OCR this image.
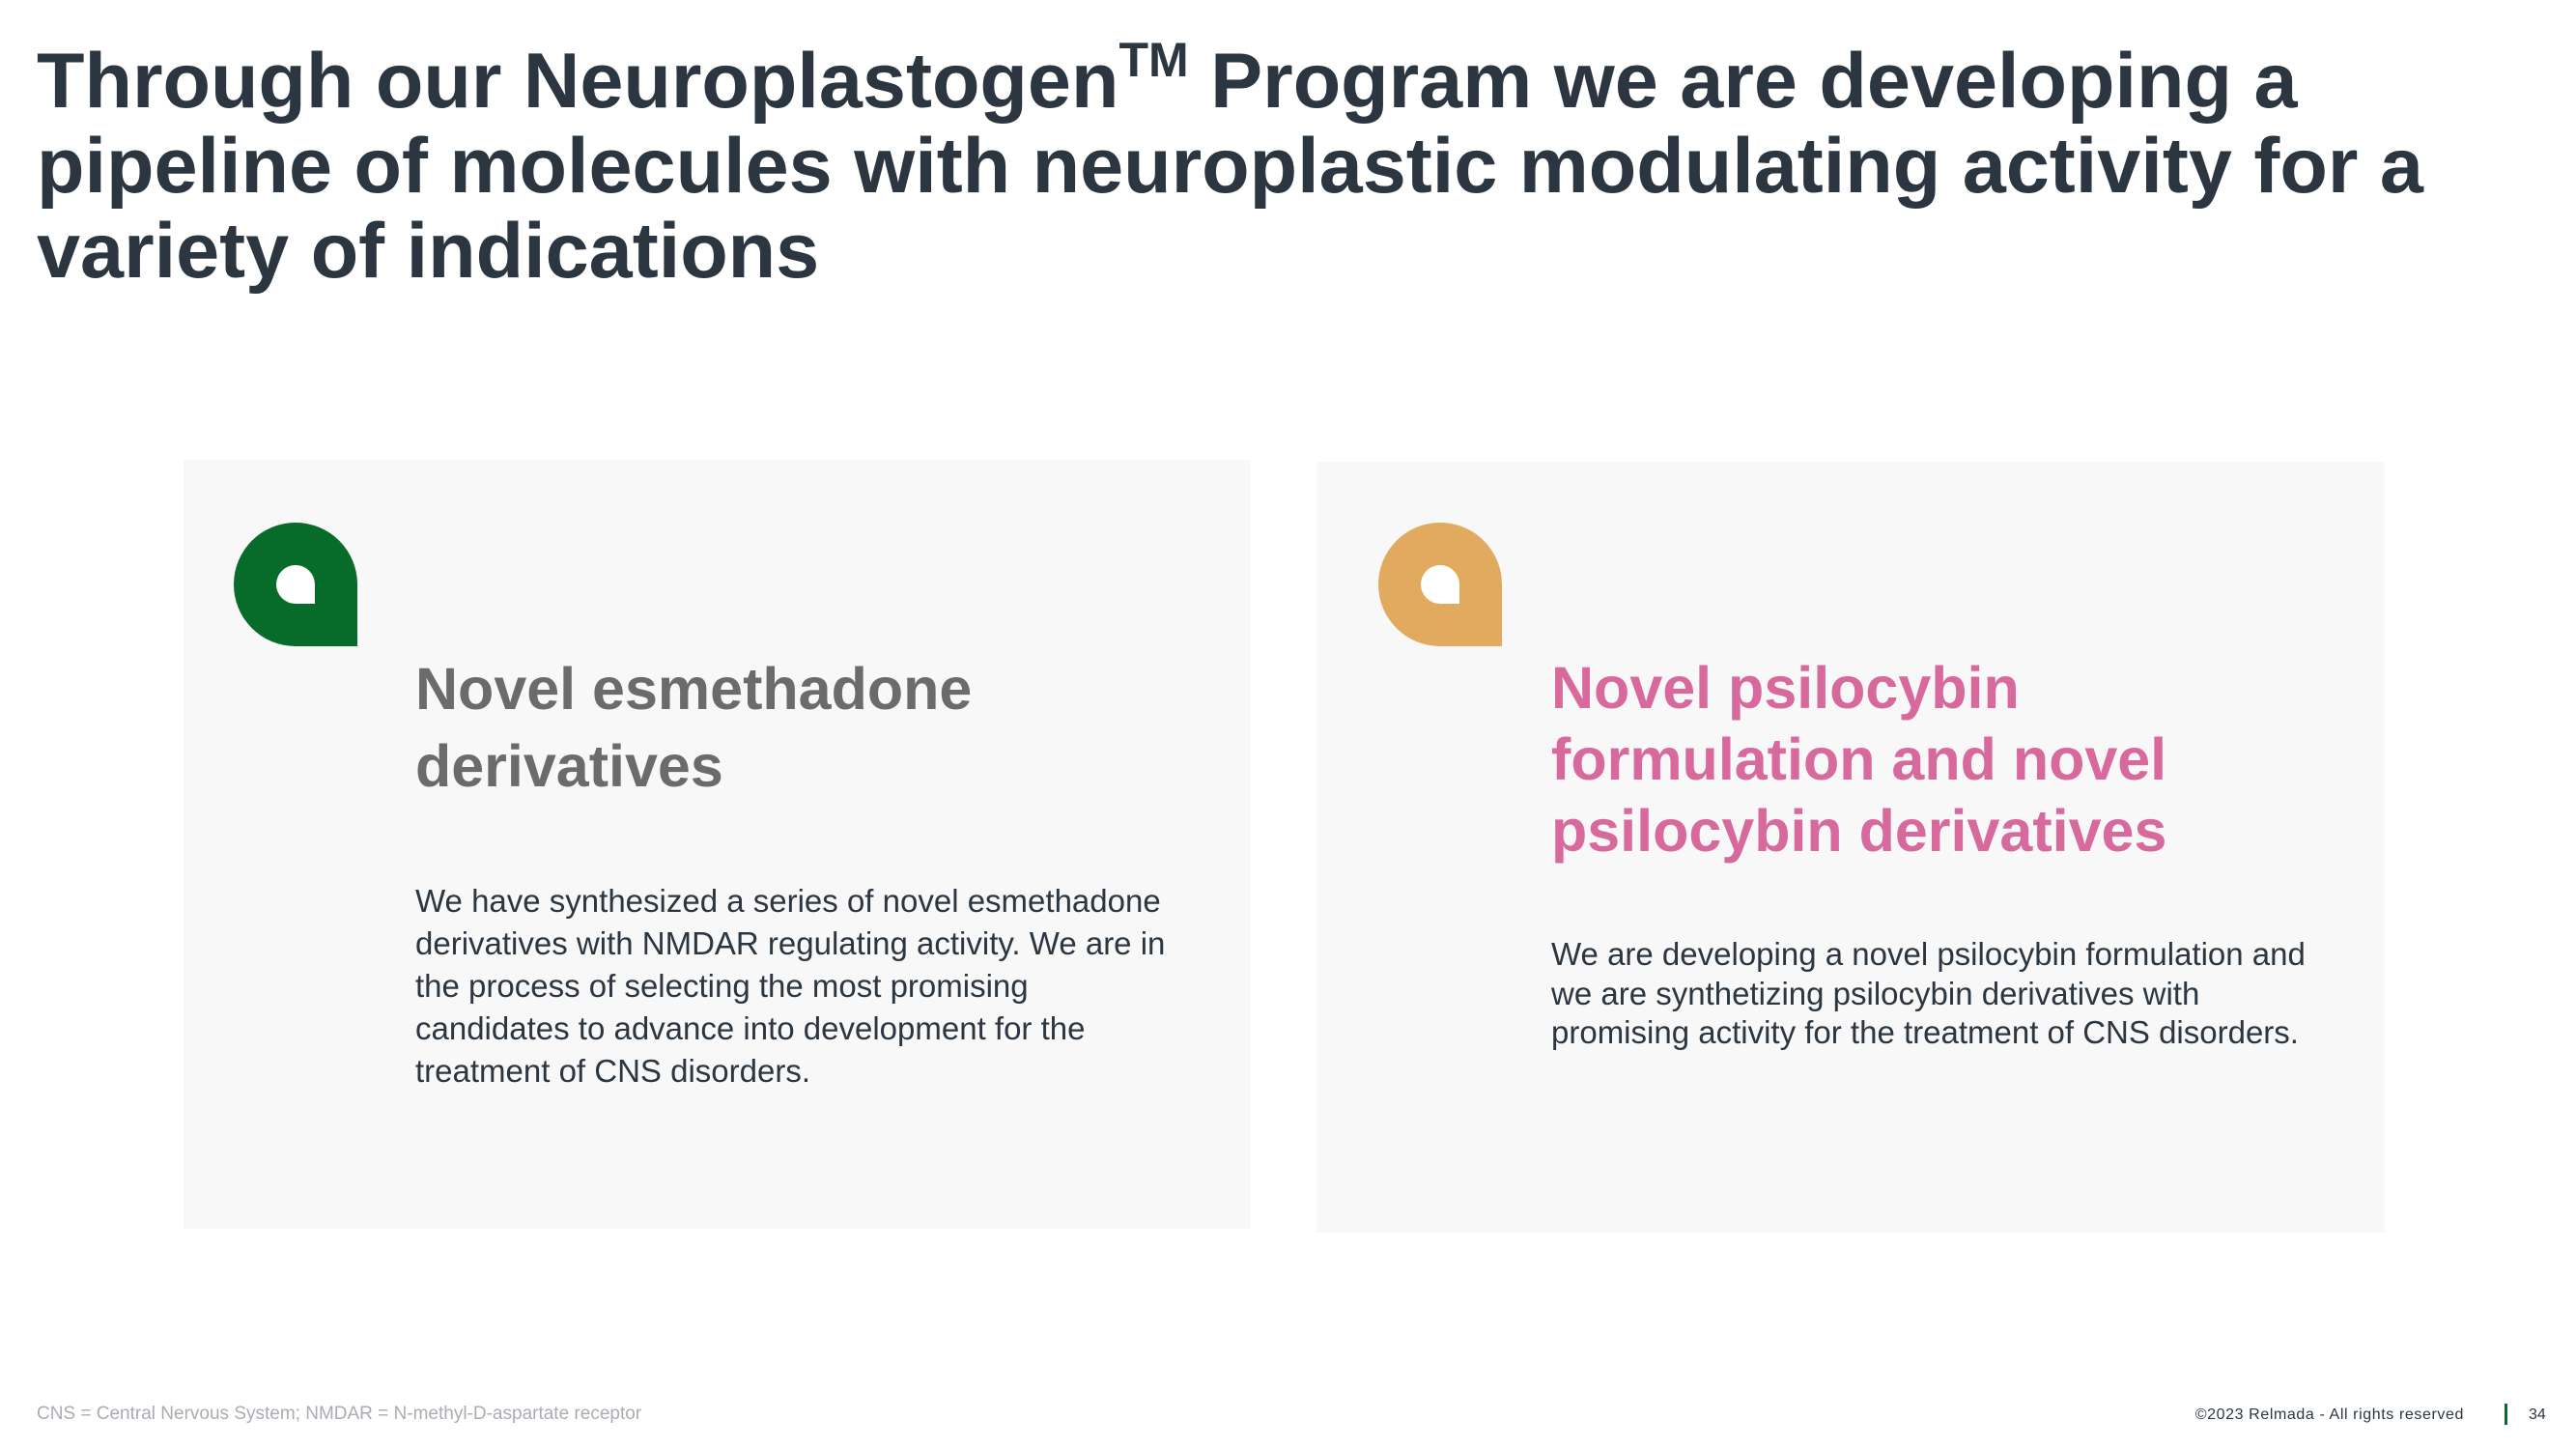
Through our Neuroplastogen™ Program we are developing a pipeline of molecules with neuroplastic modulating activity for a variety of indications
Novel esmethadone derivatives

We have synthesized a series of novel esmethadone derivatives with NMDAR regulating activity. We are in the process of selecting the most promising candidates to advance into development for the treatment of CNS disorders.

Novel psilocybin formulation and novel psilocybin derivatives

We are developing a novel psilocybin formulation and we are synthetizing psilocybin derivatives with promising activity for the treatment of CNS disorders.

CNS = Central Nervous System; NMDAR = N-methyl-D-aspartate receptor	©2023 Relmada - All rights reserved	34
